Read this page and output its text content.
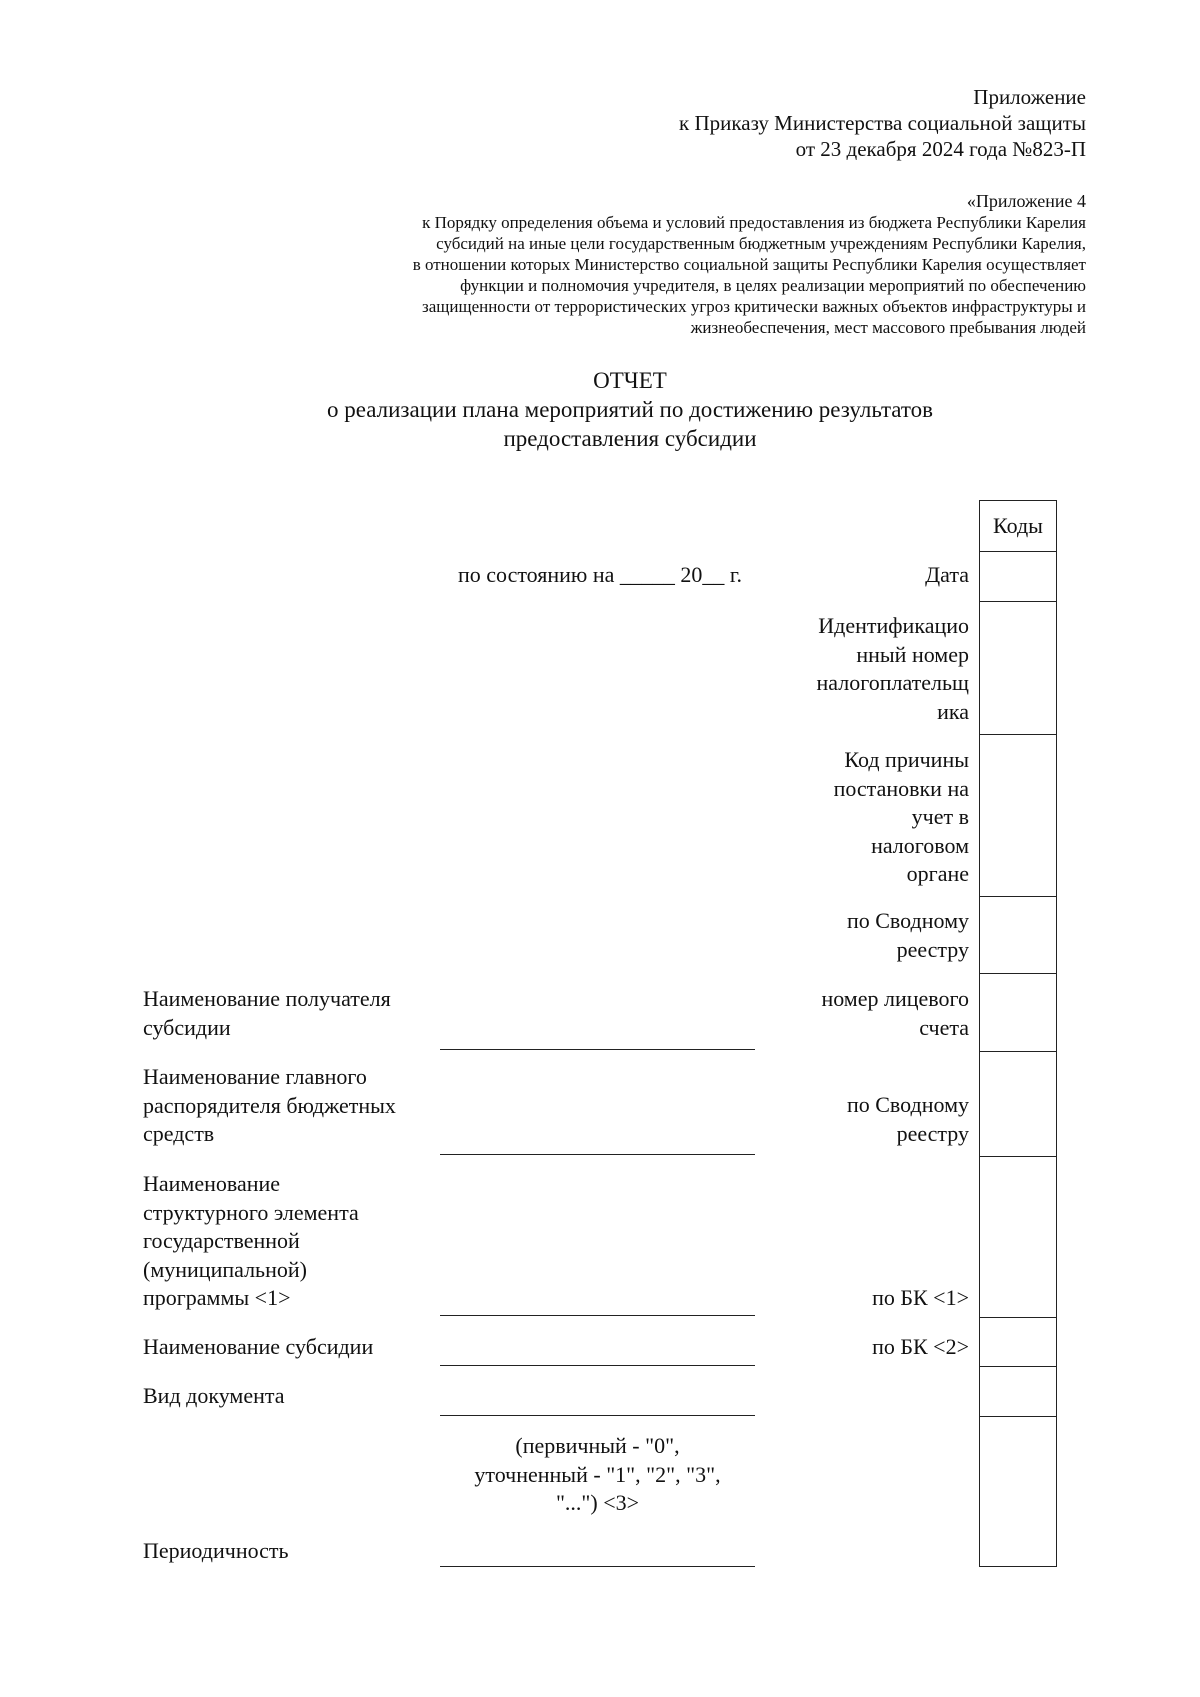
Приложение
к Приказу Министерства социальной защиты
от 23 декабря 2024 года №823-П
«Приложение 4
к Порядку определения объема и условий предоставления из бюджета Республики Карелия
субсидий на иные цели государственным бюджетным учреждениям Республики Карелия,
в отношении которых Министерство социальной защиты Республики Карелия осуществляет
функции и полномочия учредителя, в целях реализации мероприятий по обеспечению
защищенности от террористических угроз критически важных объектов инфраструктуры и
жизнеобеспечения, мест массового пребывания людей
ОТЧЕТ
о реализации плана мероприятий по достижению результатов
предоставления субсидии
Коды
по состоянию на _____ 20__ г.	Дата
Идентификацио
нный номер
налогоплательщ
ика
Код причины
постановки на
учет в
налоговом
органе
по Сводному
реестру
номер лицевого
счета
по Сводному
реестру
по БК <1>
по БК <2>
Наименование получателя
субсидии
Наименование главного
распорядителя бюджетных
средств
Наименование
структурного элемента
государственной
(муниципальной)
программы <1>
Наименование субсидии
Вид документа
Периодичность
(первичный - "0",
уточненный - "1", "2", "3",
"...") <3>
